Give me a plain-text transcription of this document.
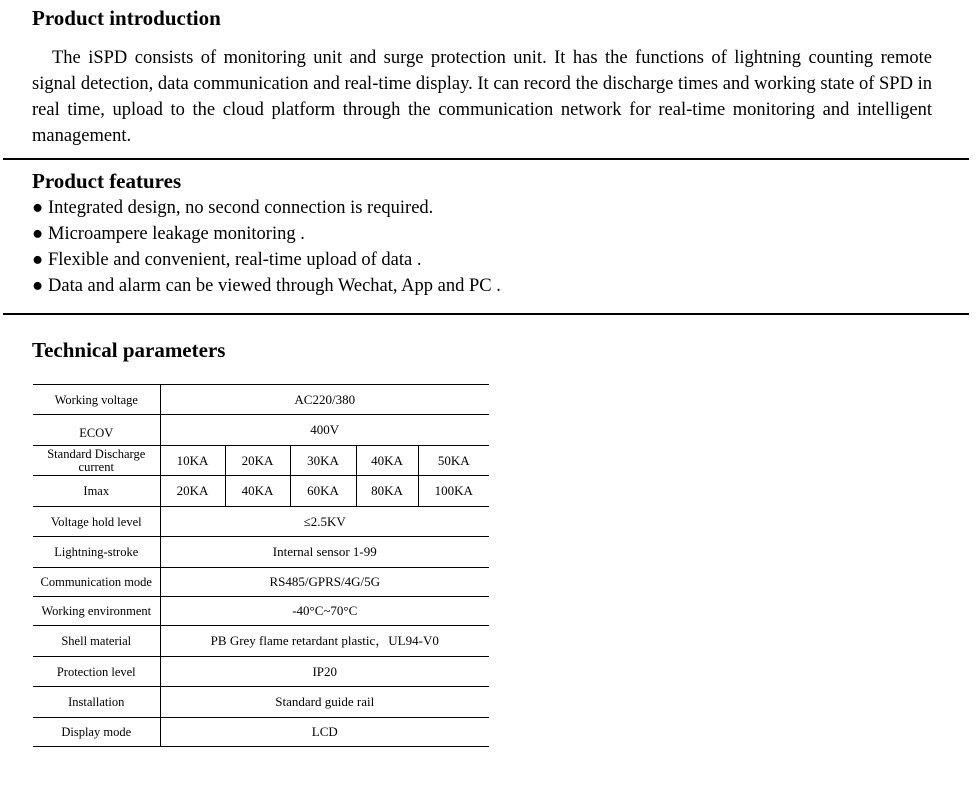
Product introduction

The iSPD consists of monitoring unit and surge protection unit. It has the functions of lightning counting remote signal detection, data communication and real-time display. It can record the discharge times and working state of SPD in real time, upload to the cloud platform through the communication network for real-time monitoring and intelligent management.

Product features
● Integrated design, no second connection is required.
● Microampere leakage monitoring .
● Flexible and convenient, real-time upload of data .
● Data and alarm can be viewed through Wechat, App and PC .
Technical parameters
Working voltage	AC220/380				
ECOV	400V				
Standard Discharge current	10KA	20KA	30KA	40KA	50KA
Imax	20KA	40KA	60KA	80KA	100KA
Voltage hold level	≤2.5KV				
Lightning-stroke	Internal sensor 1-99				
Communication mode	RS485/GPRS/4G/5G				
Working environment	-40°C~70°C				
Shell material	PB Grey flame retardant plastic，UL94-V0				
Protection level	IP20				
Installation	Standard guide rail				
Display mode	LCD				
